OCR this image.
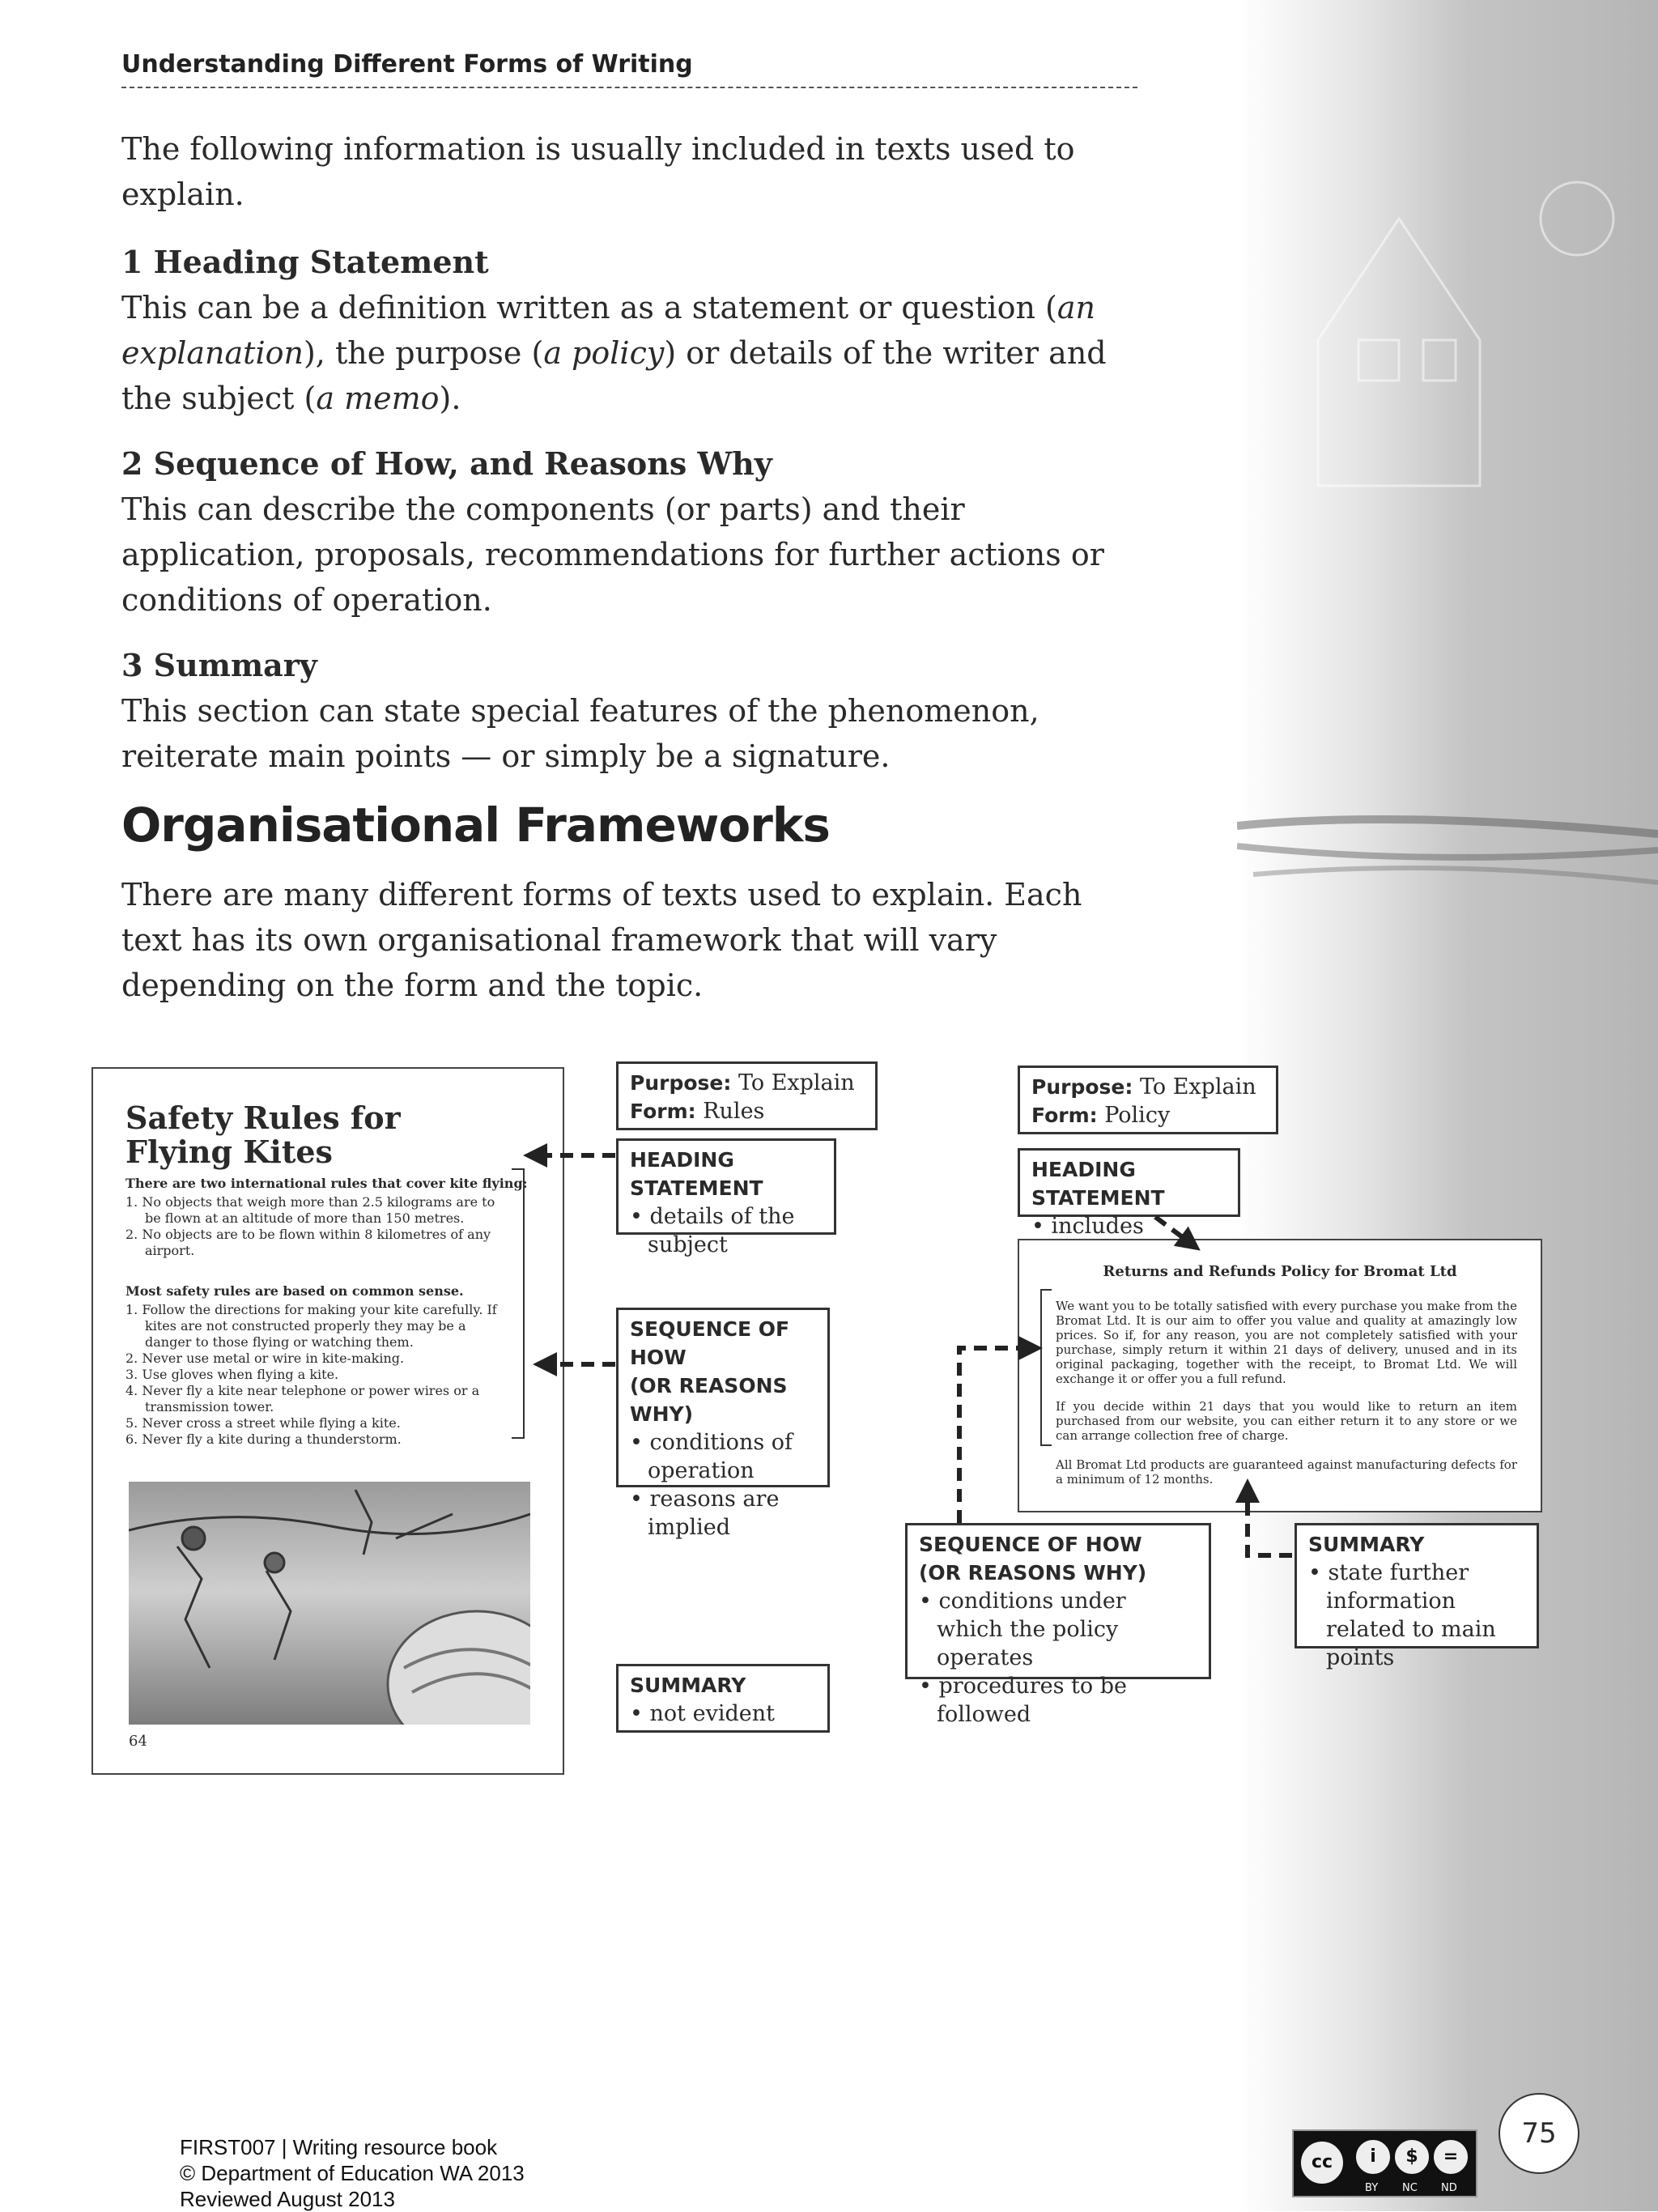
Understanding Different Forms of Writing

The following information is usually included in texts used to explain.

1 Heading Statement

This can be a definition written as a statement or question (an explanation), the purpose (a policy) or details of the writer and the subject (a memo).

2 Sequence of How, and Reasons Why

This can describe the components (or parts) and their application, proposals, recommendations for further actions or conditions of operation.

3 Summary

This section can state special features of the phenomenon, reiterate main points — or simply be a signature.

Organisational Frameworks

There are many different forms of texts used to explain. Each text has its own organisational framework that will vary depending on the form and the topic.

Safety Rules for Flying Kites

There are two international rules that cover kite flying:
1. No objects that weigh more than 2.5 kilograms are to be flown at an altitude of more than 150 metres.
2. No objects are to be flown within 8 kilometres of any airport.
Most safety rules are based on common sense.
1. Follow the directions for making your kite carefully. If kites are not constructed properly they may be a danger to those flying or watching them.
2. Never use metal or wire in kite-making.
3. Use gloves when flying a kite.
4. Never fly a kite near telephone or power wires or a transmission tower.
5. Never cross a street while flying a kite.
6. Never fly a kite during a thunderstorm.
64
Purpose: To Explain
Form: Rules
HEADING STATEMENT
• details of the subject
SEQUENCE OF HOW
(OR REASONS WHY)
• conditions of operation
• reasons are implied
SUMMARY
• not evident
Purpose: To Explain
Form: Policy
HEADING STATEMENT
• includes
Returns and Refunds Policy for Bromat Ltd
We want you to be totally satisfied with every purchase you make from the Bromat Ltd. It is our aim to offer you value and quality at amazingly low prices. So if, for any reason, you are not completely satisfied with your purchase, simply return it within 21 days of delivery, unused and in its original packaging, together with the receipt, to Bromat Ltd. We will exchange it or offer you a full refund.
If you decide within 21 days that you would like to return an item purchased from our website, you can either return it to any store or we can arrange collection free of charge.
All Bromat Ltd products are guaranteed against manufacturing defects for a minimum of 12 months.
SEQUENCE OF HOW
(OR REASONS WHY)
• conditions under which the policy operates
• procedures to be followed
SUMMARY
• state further information related to main points
FIRST007 | Writing resource book
© Department of Education WA 2013
Reviewed August 2013
75
cc	i	$	=
BY NC ND
